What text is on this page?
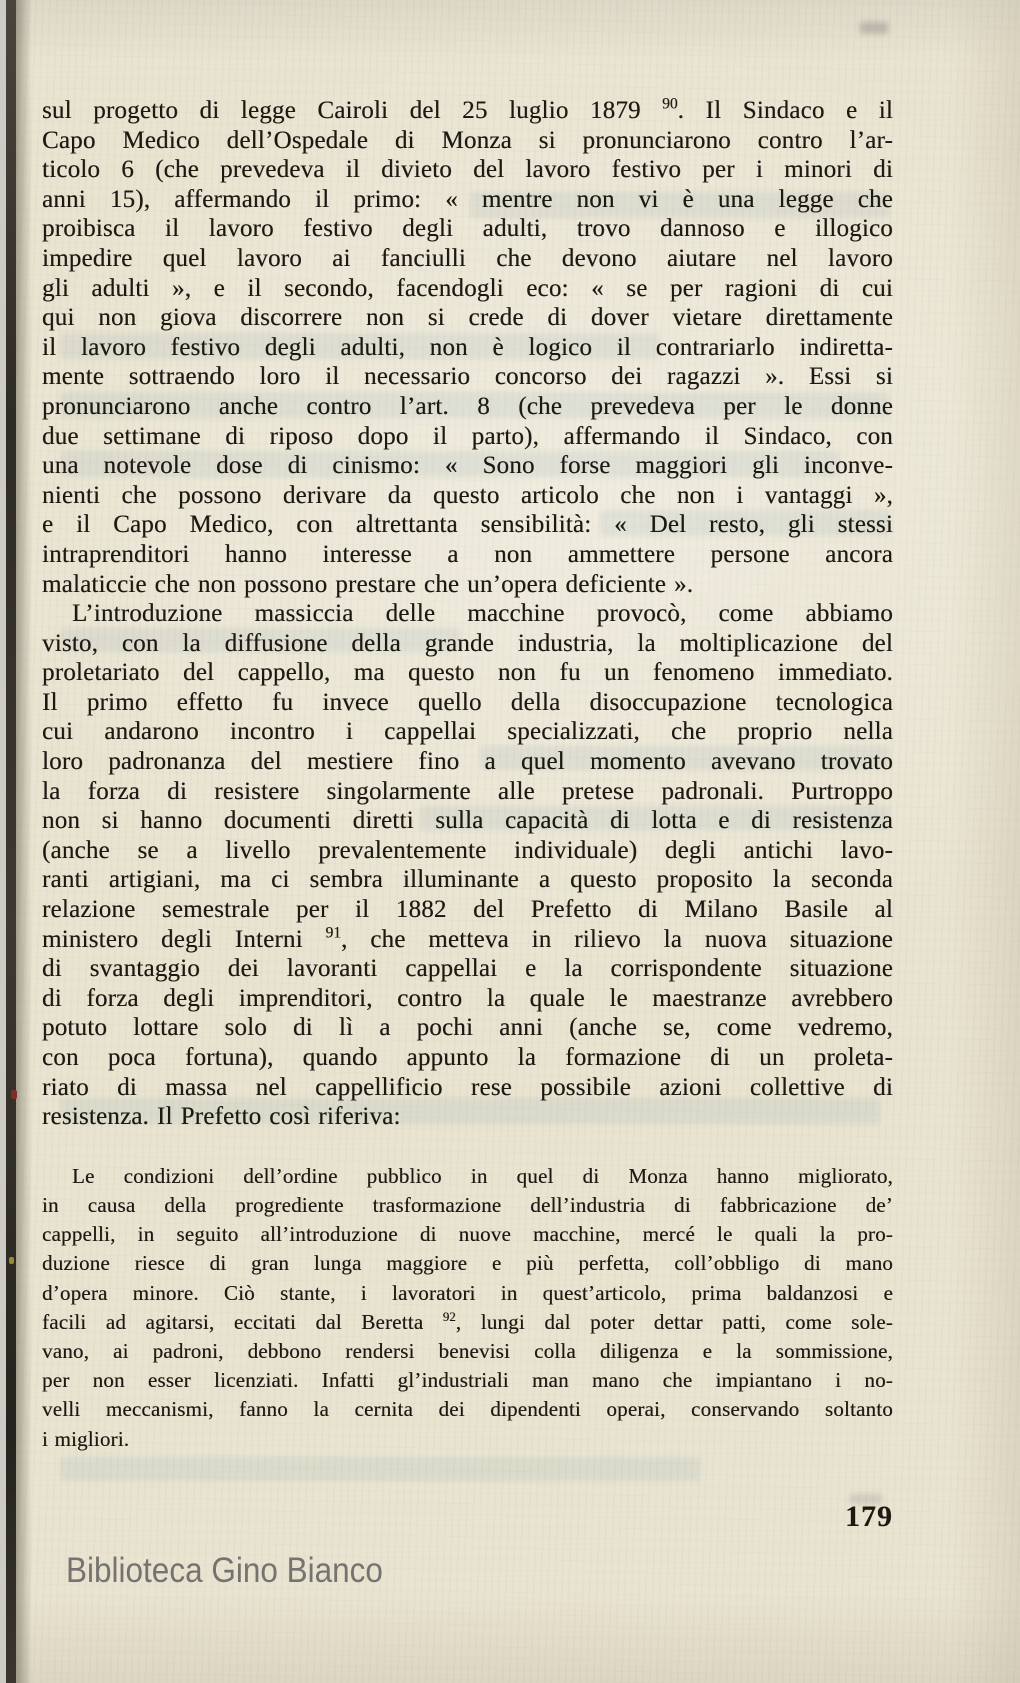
sul progetto di legge Cairoli del 25 luglio 1879 $^{90}$. Il Sindaco e il
Capo Medico dell’Ospedale di Monza si pronunciarono contro l’ar-
ticolo 6 (che prevedeva il divieto del lavoro festivo per i minori di
anni 15), affermando il primo: « mentre non vi è una legge che
proibisca il lavoro festivo degli adulti, trovo dannoso e illogico
impedire quel lavoro ai fanciulli che devono aiutare nel lavoro
gli adulti », e il secondo, facendogli eco: « se per ragioni di cui
qui non giova discorrere non si crede di dover vietare direttamente
il lavoro festivo degli adulti, non è logico il contrariarlo indiretta-
mente sottraendo loro il necessario concorso dei ragazzi ». Essi si
pronunciarono anche contro l’art. 8 (che prevedeva per le donne
due settimane di riposo dopo il parto), affermando il Sindaco, con
una notevole dose di cinismo: « Sono forse maggiori gli inconve-
nienti che possono derivare da questo articolo che non i vantaggi »,
e il Capo Medico, con altrettanta sensibilità: « Del resto, gli stessi
intraprenditori hanno interesse a non ammettere persone ancora
malaticcie che non possono prestare che un’opera deficiente ».
L’introduzione massiccia delle macchine provocò, come abbiamo
visto, con la diffusione della grande industria, la moltiplicazione del
proletariato del cappello, ma questo non fu un fenomeno immediato.
Il primo effetto fu invece quello della disoccupazione tecnologica
cui andarono incontro i cappellai specializzati, che proprio nella
loro padronanza del mestiere fino a quel momento avevano trovato
la forza di resistere singolarmente alle pretese padronali. Purtroppo
non si hanno documenti diretti sulla capacità di lotta e di resistenza
(anche se a livello prevalentemente individuale) degli antichi lavo-
ranti artigiani, ma ci sembra illuminante a questo proposito la seconda
relazione semestrale per il 1882 del Prefetto di Milano Basile al
ministero degli Interni $^{91}$, che metteva in rilievo la nuova situazione
di svantaggio dei lavoranti cappellai e la corrispondente situazione
di forza degli imprenditori, contro la quale le maestranze avrebbero
potuto lottare solo di lì a pochi anni (anche se, come vedremo,
con poca fortuna), quando appunto la formazione di un proleta-
riato di massa nel cappellificio rese possibile azioni collettive di
resistenza. Il Prefetto così riferiva:
Le condizioni dell’ordine pubblico in quel di Monza hanno migliorato,
in causa della progrediente trasformazione dell’industria di fabbricazione de’
cappelli, in seguito all’introduzione di nuove macchine, mercé le quali la pro-
duzione riesce di gran lunga maggiore e più perfetta, coll’obbligo di mano
d’opera minore. Ciò stante, i lavoratori in quest’articolo, prima baldanzosi e
facili ad agitarsi, eccitati dal Beretta $^{92}$, lungi dal poter dettar patti, come sole-
vano, ai padroni, debbono rendersi benevisi colla diligenza e la sommissione,
per non esser licenziati. Infatti gl’industriali man mano che impiantano i no-
velli meccanismi, fanno la cernita dei dipendenti operai, conservando soltanto
i migliori.
179
Biblioteca Gino Bianco
